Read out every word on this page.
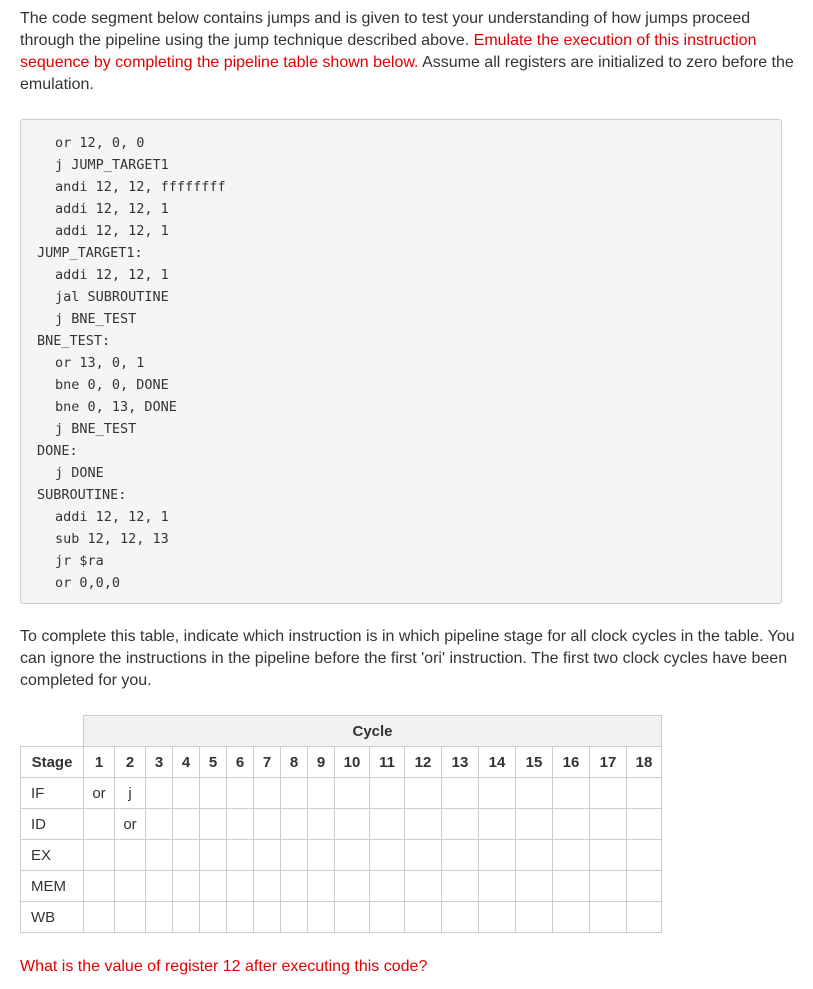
The code segment below contains jumps and is given to test your understanding of how jumps proceed through the pipeline using the jump technique described above. Emulate the execution of this instruction sequence by completing the pipeline table shown below. Assume all registers are initialized to zero before the emulation.

or 12, 0, 0
j JUMP_TARGET1
andi 12, 12, ffffffff
addi 12, 12, 1
addi 12, 12, 1
JUMP_TARGET1:
addi 12, 12, 1
jal SUBROUTINE
j BNE_TEST
BNE_TEST:
or 13, 0, 1
bne 0, 0, DONE
bne 0, 13, DONE
j BNE_TEST
DONE:
j DONE
SUBROUTINE:
addi 12, 12, 1
sub 12, 12, 13
jr $ra
or 0,0,0

To complete this table, indicate which instruction is in which pipeline stage for all clock cycles in the table. You can ignore the instructions in the pipeline before the first 'ori' instruction. The first two clock cycles have been completed for you.

	Cycle																	
Stage	1	2	3	4	5	6	7	8	9	10	11	12	13	14	15	16	17	18
IF	or	j																
ID		or																
EX																		
MEM																		
WB																		

What is the value of register 12 after executing this code?
